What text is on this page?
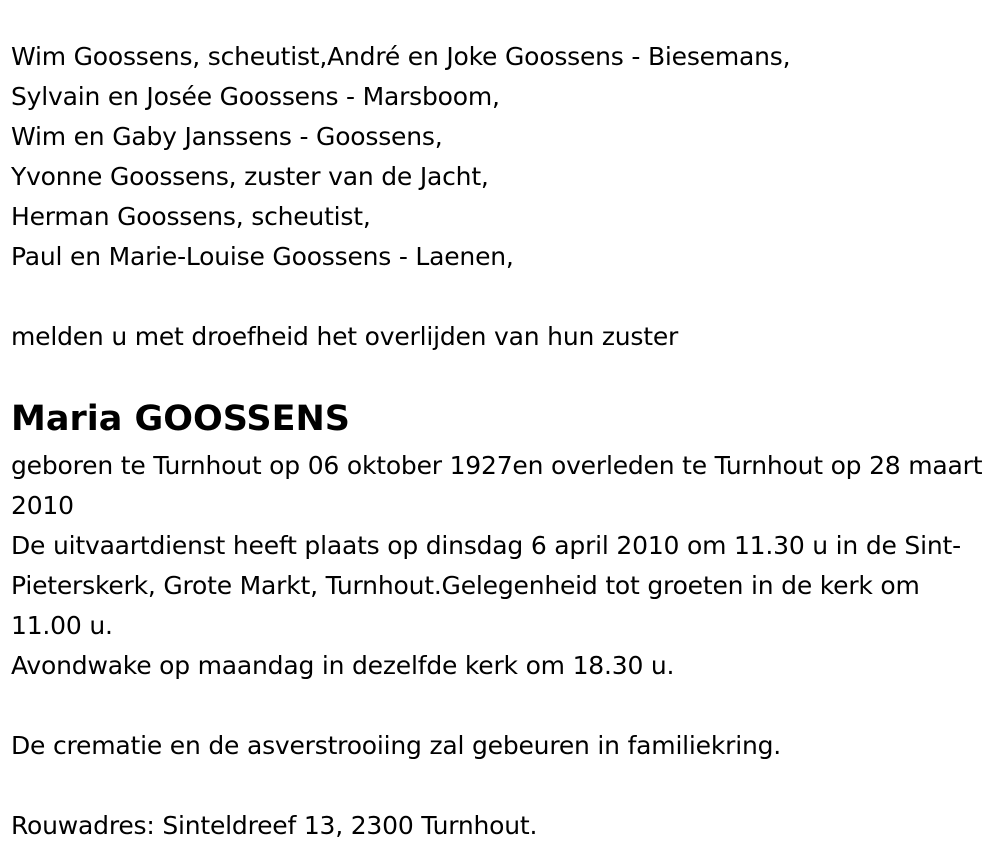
Wim Goossens, scheutist,André en Joke Goossens - Biesemans,
Sylvain en Josée Goossens - Marsboom,
Wim en Gaby Janssens - Goossens,
Yvonne Goossens, zuster van de Jacht,
Herman Goossens, scheutist,
Paul en Marie-Louise Goossens - Laenen,
melden u met droefheid het overlijden van hun zuster
Maria GOOSSENS
geboren te Turnhout op 06 oktober 1927en overleden te Turnhout op 28 maart 2010
De uitvaartdienst heeft plaats op dinsdag 6 april 2010 om 11.30 u in de Sint-Pieterskerk, Grote Markt, Turnhout.Gelegenheid tot groeten in de kerk om 11.00 u.
Avondwake op maandag in dezelfde kerk om 18.30 u.
De crematie en de asverstrooiing zal gebeuren in familiekring.
Rouwadres: Sinteldreef 13, 2300 Turnhout.
